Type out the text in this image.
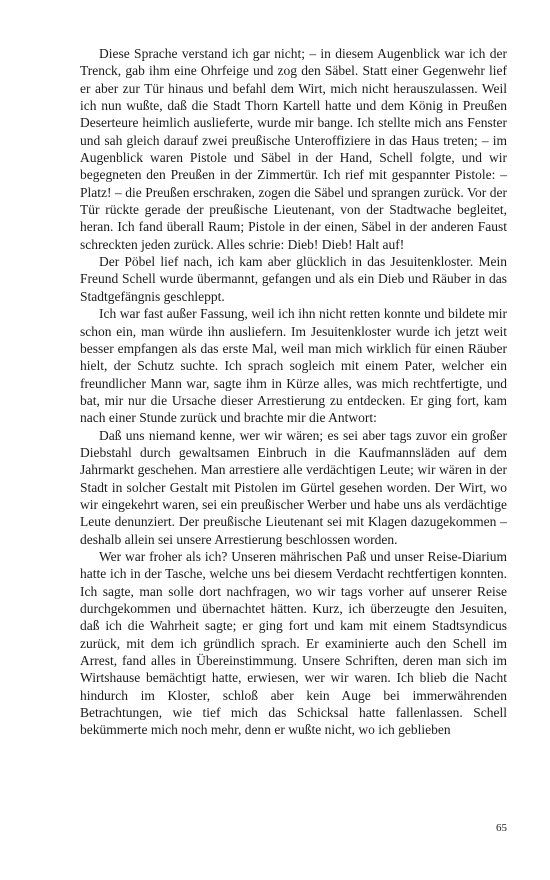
Diese Sprache verstand ich gar nicht; – in diesem Augenblick war ich der Trenck, gab ihm eine Ohrfeige und zog den Säbel. Statt einer Gegenwehr lief er aber zur Tür hinaus und befahl dem Wirt, mich nicht herauszulassen. Weil ich nun wußte, daß die Stadt Thorn Kartell hatte und dem König in Preußen Deserteure heimlich auslieferte, wurde mir bange. Ich stellte mich ans Fenster und sah gleich darauf zwei preußische Unteroffiziere in das Haus treten; – im Augenblick waren Pistole und Säbel in der Hand, Schell folgte, und wir begegneten den Preußen in der Zimmertür. Ich rief mit gespannter Pistole: – Platz! – die Preußen erschraken, zogen die Säbel und sprangen zurück. Vor der Tür rückte gerade der preußische Lieutenant, von der Stadtwache begleitet, heran. Ich fand überall Raum; Pistole in der einen, Säbel in der anderen Faust schreckten jeden zurück. Alles schrie: Dieb! Dieb! Halt auf!

Der Pöbel lief nach, ich kam aber glücklich in das Jesuitenkloster. Mein Freund Schell wurde übermannt, gefangen und als ein Dieb und Räuber in das Stadtgefängnis geschleppt.

Ich war fast außer Fassung, weil ich ihn nicht retten konnte und bildete mir schon ein, man würde ihn ausliefern. Im Jesuitenkloster wurde ich jetzt weit besser empfangen als das erste Mal, weil man mich wirklich für einen Räuber hielt, der Schutz suchte. Ich sprach sogleich mit einem Pater, welcher ein freundlicher Mann war, sagte ihm in Kürze alles, was mich rechtfertigte, und bat, mir nur die Ursache dieser Arrestierung zu entdecken. Er ging fort, kam nach einer Stunde zurück und brachte mir die Antwort:

Daß uns niemand kenne, wer wir wären; es sei aber tags zuvor ein großer Diebstahl durch gewaltsamen Einbruch in die Kaufmannsläden auf dem Jahrmarkt geschehen. Man arrestiere alle verdächtigen Leute; wir wären in der Stadt in solcher Gestalt mit Pistolen im Gürtel gesehen worden. Der Wirt, wo wir eingekehrt waren, sei ein preußischer Werber und habe uns als verdächtige Leute denunziert. Der preußische Lieutenant sei mit Klagen dazugekommen – deshalb allein sei unsere Arrestierung beschlossen worden.

Wer war froher als ich? Unseren mährischen Paß und unser Reise-Diarium hatte ich in der Tasche, welche uns bei diesem Verdacht rechtfertigen konnten. Ich sagte, man solle dort nachfragen, wo wir tags vorher auf unserer Reise durchgekommen und übernachtet hätten. Kurz, ich überzeugte den Jesuiten, daß ich die Wahrheit sagte; er ging fort und kam mit einem Stadtsyndicus zurück, mit dem ich gründlich sprach. Er examinierte auch den Schell im Arrest, fand alles in Übereinstimmung. Unsere Schriften, deren man sich im Wirtshause bemächtigt hatte, erwiesen, wer wir waren. Ich blieb die Nacht hindurch im Kloster, schloß aber kein Auge bei immerwährenden Betrachtungen, wie tief mich das Schicksal hatte fallenlassen. Schell bekümmerte mich noch mehr, denn er wußte nicht, wo ich geblieben

65
